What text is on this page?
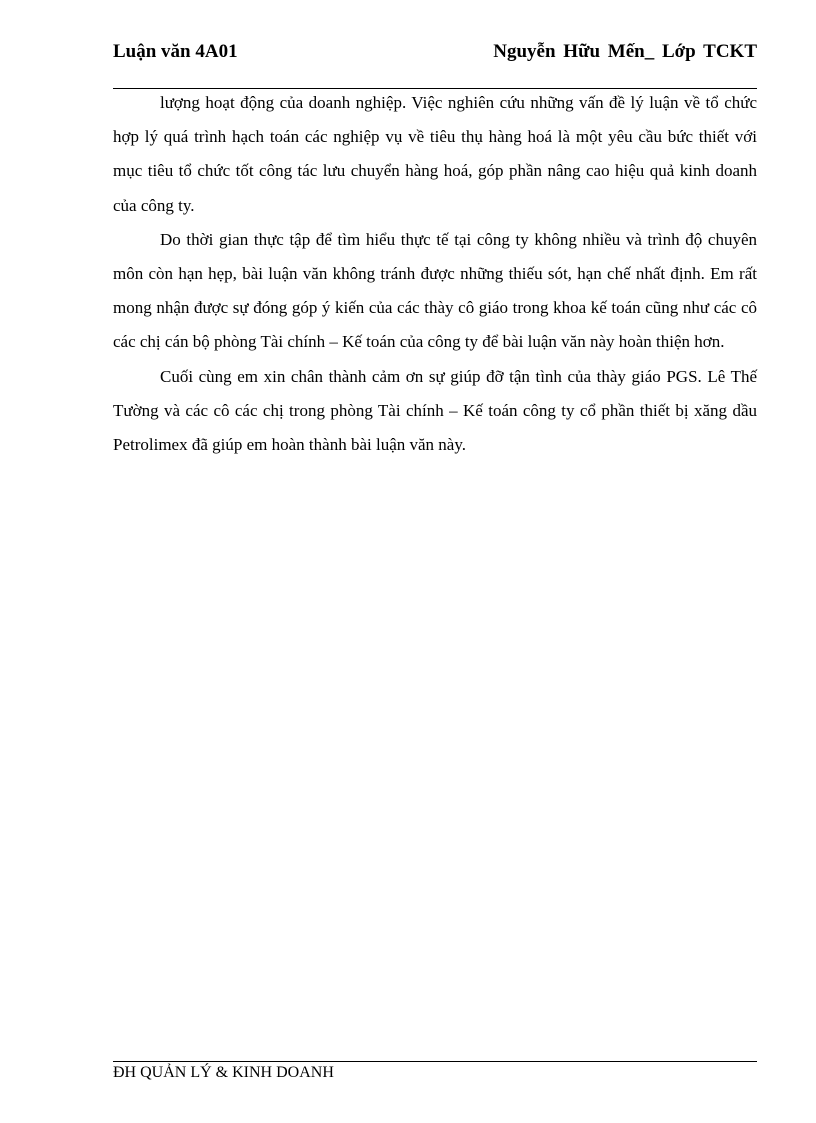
Luận văn 4A01	Nguyễn Hữu Mến_ Lớp TCKT

lượng hoạt động của doanh nghiệp. Việc nghiên cứu những vấn đề lý luận về tổ chức hợp lý quá trình hạch toán các nghiệp vụ về tiêu thụ hàng hoá là một yêu cầu bức thiết với mục tiêu tổ chức tốt công tác lưu chuyển hàng hoá, góp phần nâng cao hiệu quả kinh doanh của công ty.

Do thời gian thực tập để tìm hiểu thực tế tại công ty không nhiều và trình độ chuyên môn còn hạn hẹp, bài luận văn không tránh được những thiếu sót, hạn chế nhất định. Em rất mong nhận được sự đóng góp ý kiến của các thày cô giáo trong khoa kế toán cũng như các cô các chị cán bộ phòng Tài chính – Kế toán của công ty để bài luận văn này hoàn thiện hơn.

Cuối cùng em xin chân thành cảm ơn sự giúp đỡ tận tình của thày giáo PGS. Lê Thế Tường và các cô các chị trong phòng Tài chính – Kế toán công ty cổ phần thiết bị xăng dầu Petrolimex đã giúp em hoàn thành bài luận văn này.

ĐH QUẢN LÝ & KINH DOANH
